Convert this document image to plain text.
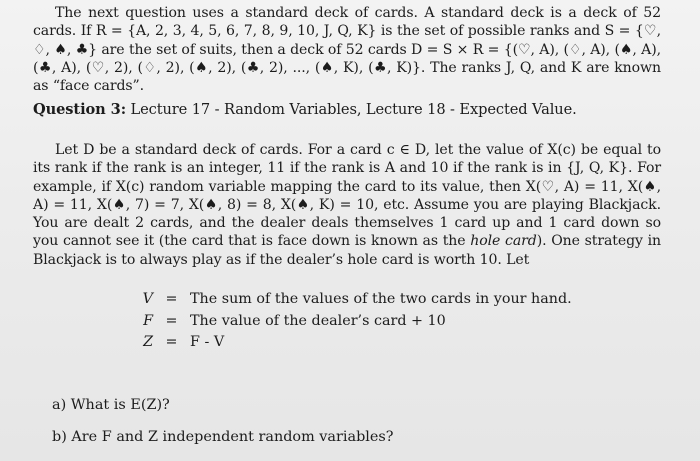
The next question uses a standard deck of cards. A standard deck is a deck of 52 cards. If R = {A, 2, 3, 4, 5, 6, 7, 8, 9, 10, J, Q, K} is the set of possible ranks and S = {♡, ♢, ♠, ♣} are the set of suits, then a deck of 52 cards D = S × R = {(♡, A), (♢, A), (♠, A), (♣, A), (♡, 2), (♢, 2), (♠, 2), (♣, 2), ..., (♠, K), (♣, K)}. The ranks J, Q, and K are known as “face cards”.
Question 3: Lecture 17 - Random Variables, Lecture 18 - Expected Value.
Let D be a standard deck of cards. For a card c ∈ D, let the value of X(c) be equal to its rank if the rank is an integer, 11 if the rank is A and 10 if the rank is in {J, Q, K}. For example, if X(c) random variable mapping the card to its value, then X(♡, A) = 11, X(♠, A) = 11, X(♠, 7) = 7, X(♠, 8) = 8, X(♠, K) = 10, etc. Assume you are playing Blackjack. You are dealt 2 cards, and the dealer deals themselves 1 card up and 1 card down so you cannot see it (the card that is face down is known as the hole card). One strategy in Blackjack is to always play as if the dealer’s hole card is worth 10. Let
V = The sum of the values of the two cards in your hand.
F = The value of the dealer’s card + 10
Z = F - V
a) What is E(Z)?
b) Are F and Z independent random variables?
